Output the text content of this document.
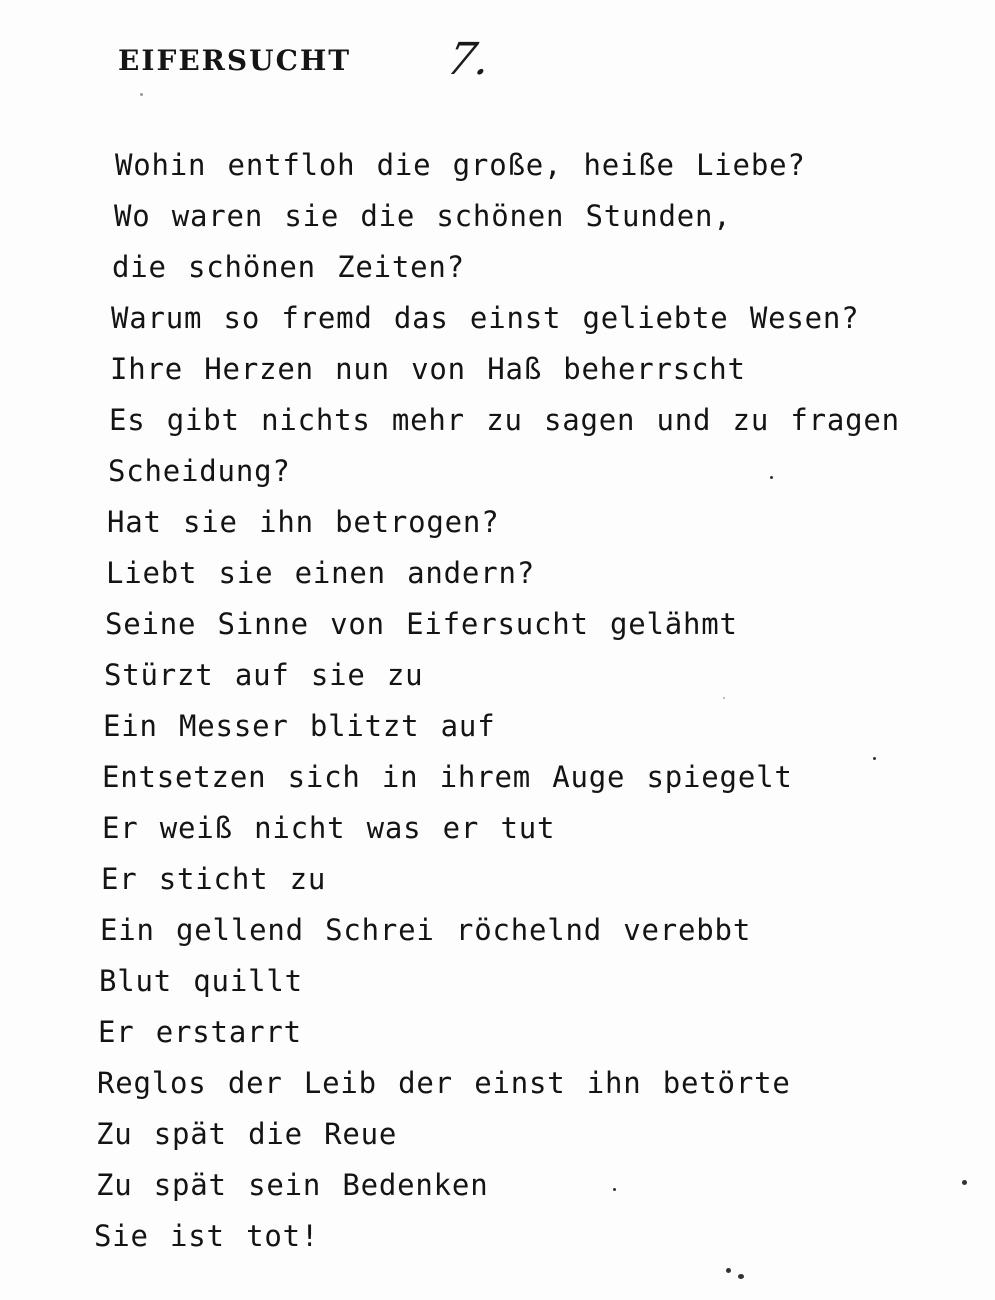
EIFERSUCHT 7.
Wohin entfloh die große, heiße Liebe?
Wo waren sie die schönen Stunden,
die schönen Zeiten?
Warum so fremd das einst geliebte Wesen?
Ihre Herzen nun von Haß beherrscht
Es gibt nichts mehr zu sagen und zu fragen
Scheidung?
Hat sie ihn betrogen?
Liebt sie einen andern?
Seine Sinne von Eifersucht gelähmt
Stürzt auf sie zu
Ein Messer blitzt auf
Entsetzen sich in ihrem Auge spiegelt
Er weiß nicht was er tut
Er sticht zu
Ein gellend Schrei röchelnd verebbt
Blut quillt
Er erstarrt
Reglos der Leib der einst ihn betörte
Zu spät die Reue
Zu spät sein Bedenken
Sie ist tot!
